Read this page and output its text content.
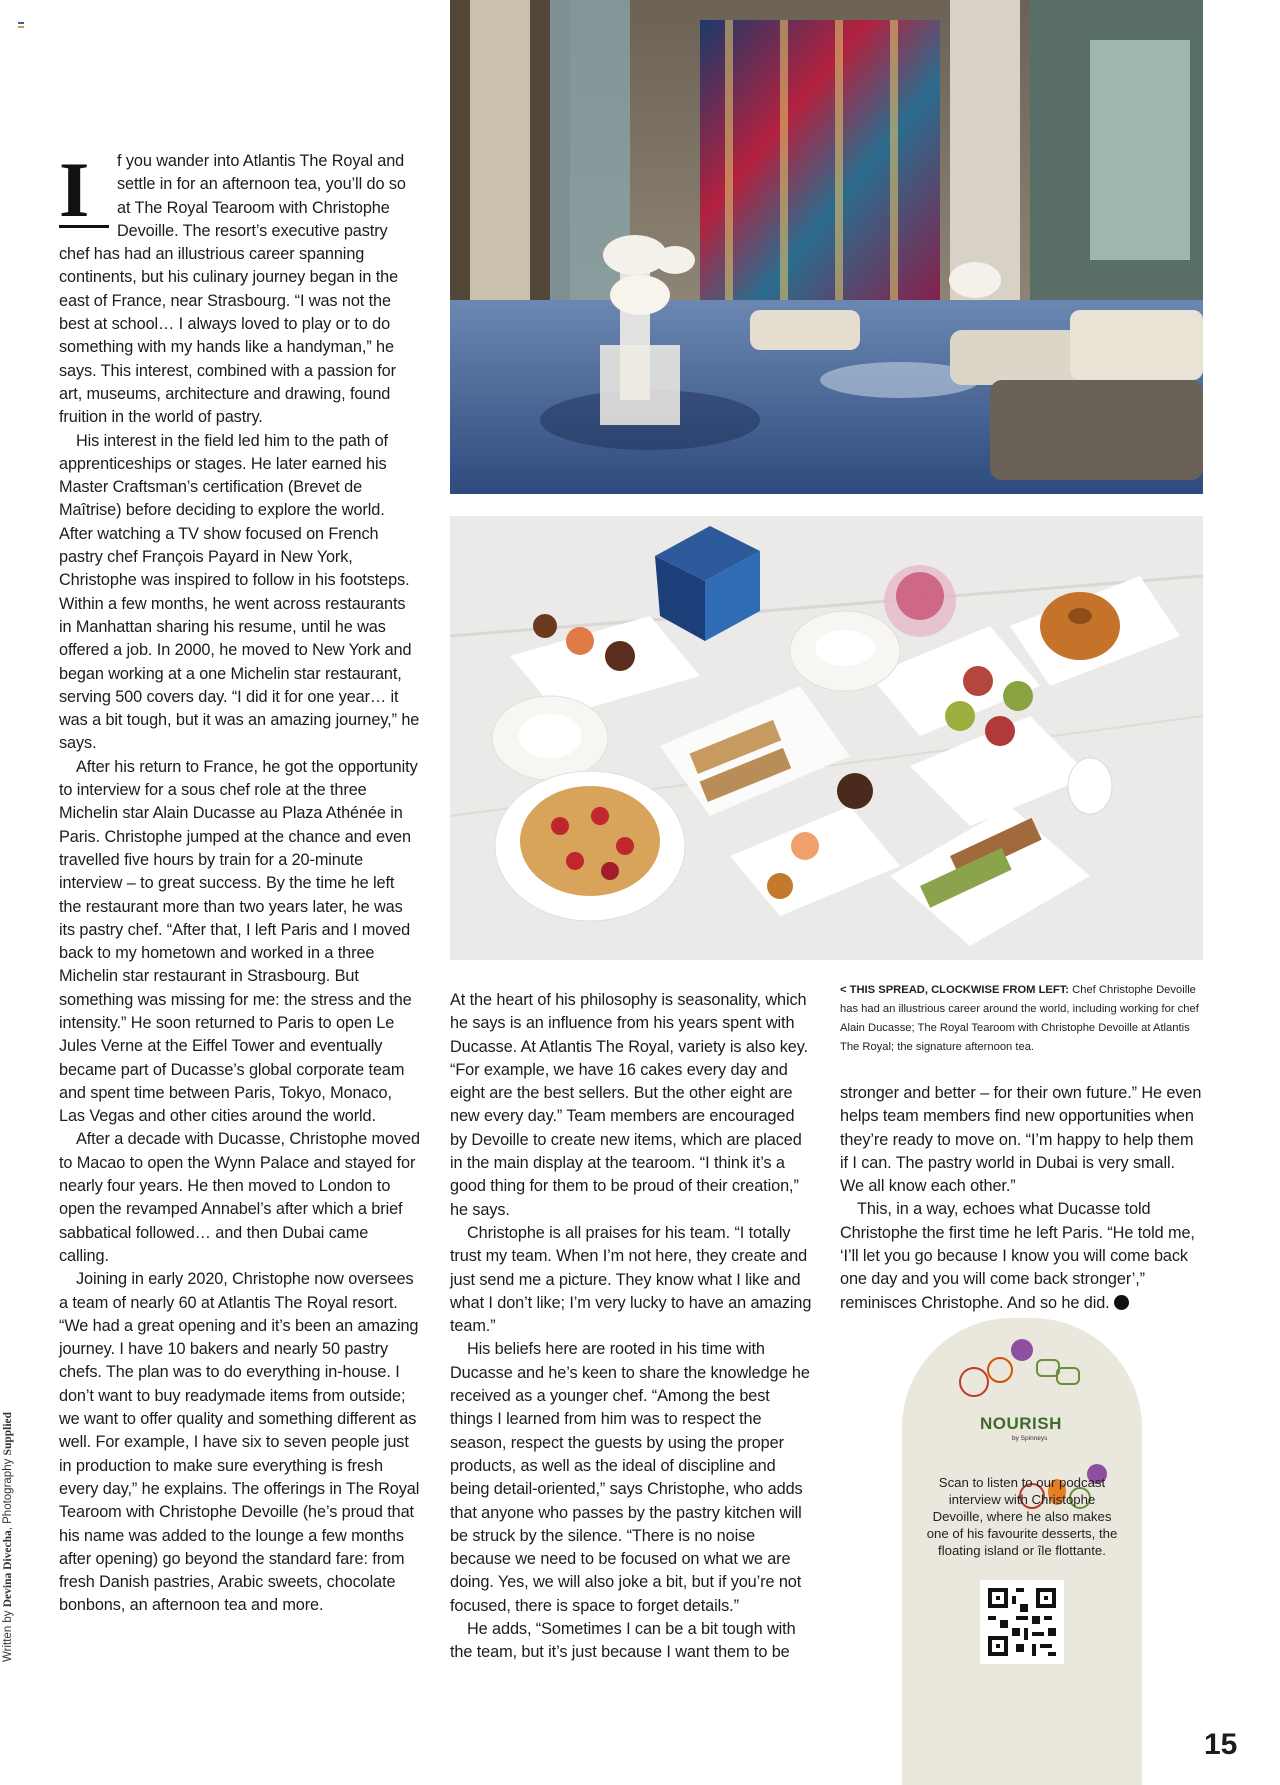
I	f you wander into Atlantis The Royal and settle in for an afternoon tea, you’ll do so at The Royal Tearoom with Christophe Devoille. The resort’s executive pastry chef has had an illustrious career spanning continents, but his culinary journey began in the east of France, near Strasbourg. “I was not the best at school… I always loved to play or to do something with my hands like a handyman,” he says. This interest, combined with a passion for art, museums, architecture and drawing, found fruition in the world of pastry.

His interest in the field led him to the path of apprenticeships or stages. He later earned his Master Craftsman’s certification (Brevet de Maîtrise) before deciding to explore the world. After watching a TV show focused on French pastry chef François Payard in New York, Christophe was inspired to follow in his footsteps. Within a few months, he went across restaurants in Manhattan sharing his resume, until he was offered a job. In 2000, he moved to New York and began working at a one Michelin star restaurant, serving 500 covers day. “I did it for one year… it was a bit tough, but it was an amazing journey,” he says.

After his return to France, he got the opportunity to interview for a sous chef role at the three Michelin star Alain Ducasse au Plaza Athénée in Paris. Christophe jumped at the chance and even travelled five hours by train for a 20-minute interview – to great success. By the time he left the restaurant more than two years later, he was its pastry chef. “After that, I left Paris and I moved back to my hometown and worked in a three Michelin star restaurant in Strasbourg. But something was missing for me: the stress and the intensity.” He soon returned to Paris to open Le Jules Verne at the Eiffel Tower and eventually became part of Ducasse’s global corporate team and spent time between Paris, Tokyo, Monaco, Las Vegas and other cities around the world.

After a decade with Ducasse, Christophe moved to Macao to open the Wynn Palace and stayed for nearly four years. He then moved to London to open the revamped Annabel’s after which a brief sabbatical followed… and then Dubai came calling.

Joining in early 2020, Christophe now oversees a team of nearly 60 at Atlantis The Royal resort. “We had a great opening and it’s been an amazing journey. I have 10 bakers and nearly 50 pastry chefs. The plan was to do everything in-house. I don’t want to buy readymade items from outside; we want to offer quality and something different as well. For example, I have six to seven people just in production to make sure everything is fresh every day,” he explains. The offerings in The Royal Tearoom with Christophe Devoille (he’s proud that his name was added to the lounge a few months after opening) go beyond the standard fare: from fresh Danish pastries, Arabic sweets, chocolate bonbons, an afternoon tea and more.

Written by Devina Divecha, Photography Supplied

At the heart of his philosophy is seasonality, which he says is an influence from his years spent with Ducasse. At Atlantis The Royal, variety is also key. “For example, we have 16 cakes every day and eight are the best sellers. But the other eight are new every day.” Team members are encouraged by Devoille to create new items, which are placed in the main display at the tearoom. “I think it’s a good thing for them to be proud of their creation,” he says.

Christophe is all praises for his team. “I totally trust my team. When I’m not here, they create and just send me a picture. They know what I like and what I don’t like; I’m very lucky to have an amazing team.”

His beliefs here are rooted in his time with Ducasse and he’s keen to share the knowledge he received as a younger chef. “Among the best things I learned from him was to respect the season, respect the guests by using the proper products, as well as the ideal of discipline and being detail-oriented,” says Christophe, who adds that anyone who passes by the pastry kitchen will be struck by the silence. “There is no noise because we need to be focused on what we are doing. Yes, we will also joke a bit, but if you’re not focused, there is space to forget details.”

He adds, “Sometimes I can be a bit tough with the team, but it’s just because I want them to be

< THIS SPREAD, CLOCKWISE FROM LEFT: Chef Christophe Devoille has had an illustrious career around the world, including working for chef Alain Ducasse; The Royal Tearoom with Christophe Devoille at Atlantis The Royal; the signature afternoon tea.

stronger and better – for their own future.” He even helps team members find new opportunities when they’re ready to move on. “I’m happy to help them if I can. The pastry world in Dubai is very small. We all know each other.”

This, in a way, echoes what Ducasse told Christophe the first time he left Paris. “He told me, ‘I’ll let you go because I know you will come back one day and you will come back stronger’,” reminisces Christophe. And so he did.

NOURISH
by Spinneys
Scan to listen to our podcast interview with Christophe Devoille, where he also makes one of his favourite desserts, the floating island or île flottante.
15
